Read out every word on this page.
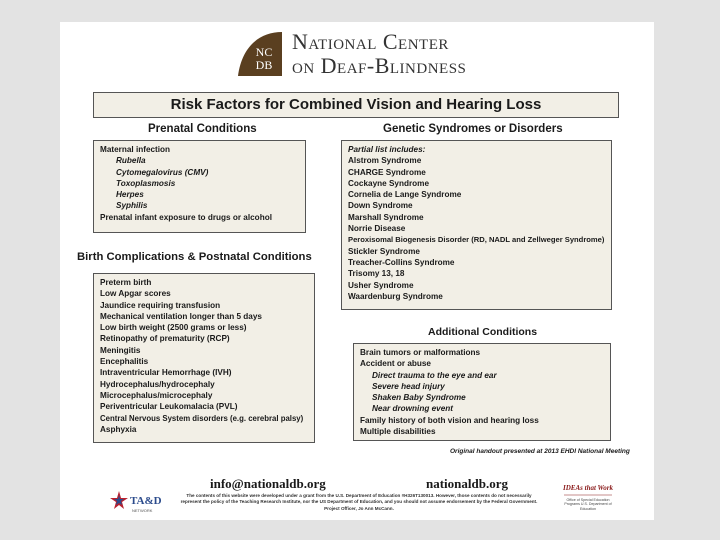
NC
DB
National Center
on Deaf-Blindness
Risk Factors for Combined Vision and Hearing Loss
Prenatal Conditions	Genetic Syndromes or Disorders
Maternal infection
Rubella
Cytomegalovirus (CMV)
Toxoplasmosis
Herpes
Syphilis
Prenatal infant exposure to drugs or alcohol
Partial list includes:
Alstrom Syndrome
CHARGE Syndrome
Cockayne Syndrome
Cornelia de Lange Syndrome
Down Syndrome
Marshall Syndrome
Norrie Disease
Peroxisomal Biogenesis Disorder (RD, NADL and Zellweger Syndrome)
Stickler Syndrome
Treacher-Collins Syndrome
Trisomy 13, 18
Usher Syndrome
Waardenburg Syndrome
Birth Complications & Postnatal Conditions
Preterm birth
Low Apgar scores
Jaundice requiring transfusion
Mechanical ventilation longer than 5 days
Low birth weight (2500 grams or less)
Retinopathy of prematurity (RCP)
Meningitis
Encephalitis
Intraventricular Hemorrhage (IVH)
Hydrocephalus/hydrocephaly
Microcephalus/microcephaly
Periventricular Leukomalacia (PVL)
Central Nervous System disorders (e.g. cerebral palsy)
Asphyxia
Additional Conditions
Brain tumors or malformations
Accident or abuse
Direct trauma to the eye and ear
Severe head injury
Shaken Baby Syndrome
Near drowning event
Family history of both vision and hearing loss
Multiple disabilities
Original handout presented at 2013 EHDI National Meeting
info@nationaldb.org	nationaldb.org
TA&D
NETWORK
The contents of this website were developed under a grant from the U.S. Department of Education #H326T130013. However, those contents do not necessarily represent the policy of the Teaching Research Institute, nor the US Department of Education, and you should not assume endorsement by the Federal Government. Project Officer, Jo Ann McCann.
IDEAs that Work
Office of Special Education Programs U.S. Department of Education
